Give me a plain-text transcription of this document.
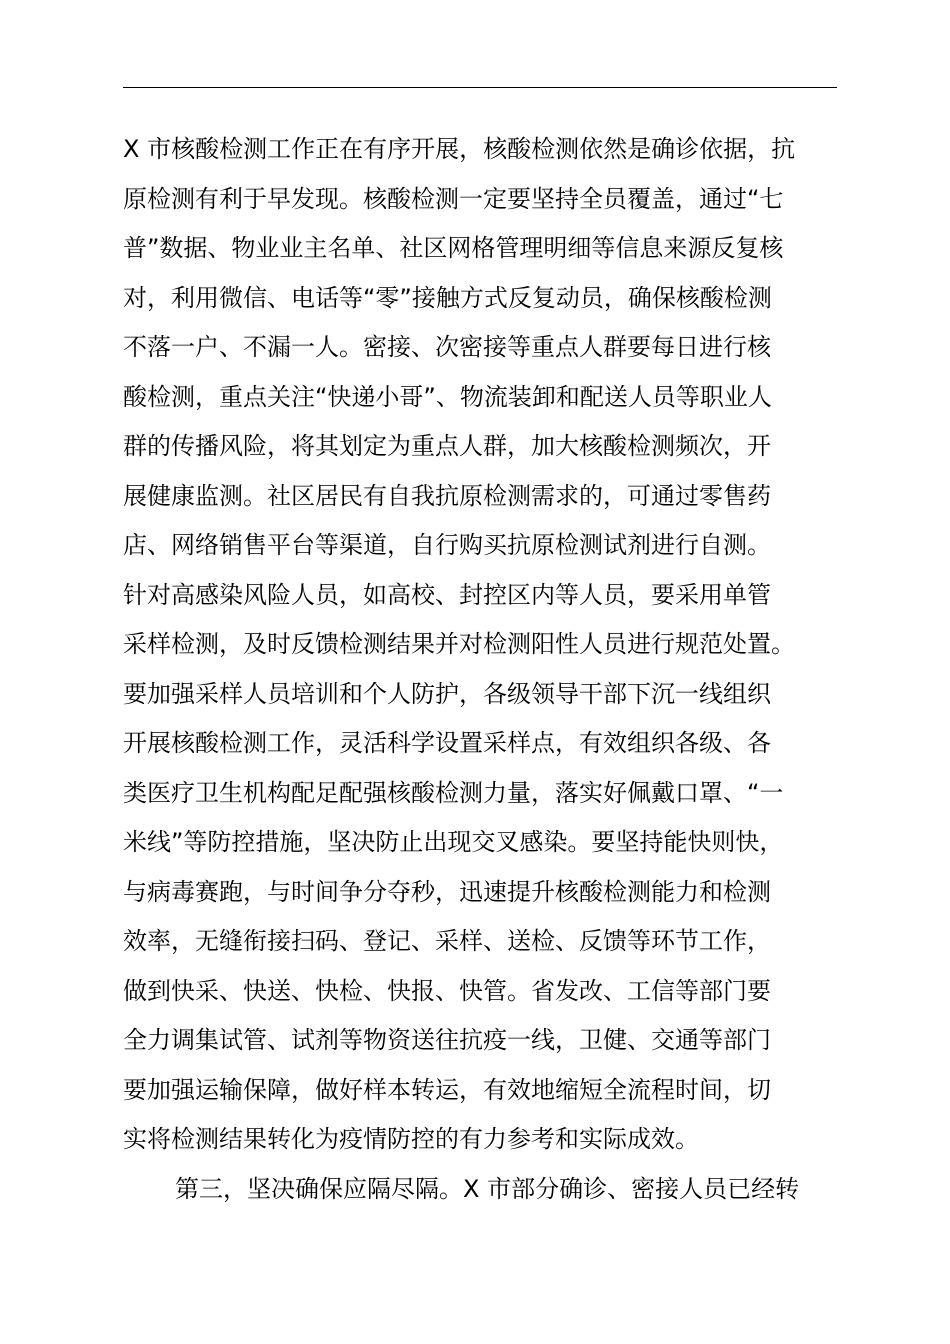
X 市核酸检测工作正在有序开展，核酸检测依然是确诊依据，抗
原检测有利于早发现。核酸检测一定要坚持全员覆盖，通过“七
普”数据、物业业主名单、社区网格管理明细等信息来源反复核
对，利用微信、电话等“零”接触方式反复动员，确保核酸检测
不落一户、不漏一人。密接、次密接等重点人群要每日进行核
酸检测，重点关注“快递小哥”、物流装卸和配送人员等职业人
群的传播风险，将其划定为重点人群，加大核酸检测频次，开
展健康监测。社区居民有自我抗原检测需求的，可通过零售药
店、网络销售平台等渠道，自行购买抗原检测试剂进行自测。
针对高感染风险人员，如高校、封控区内等人员，要采用单管
采样检测，及时反馈检测结果并对检测阳性人员进行规范处置。
要加强采样人员培训和个人防护，各级领导干部下沉一线组织
开展核酸检测工作，灵活科学设置采样点，有效组织各级、各
类医疗卫生机构配足配强核酸检测力量，落实好佩戴口罩、“一
米线”等防控措施，坚决防止出现交叉感染。要坚持能快则快，
与病毒赛跑，与时间争分夺秒，迅速提升核酸检测能力和检测
效率，无缝衔接扫码、登记、采样、送检、反馈等环节工作，
做到快采、快送、快检、快报、快管。省发改、工信等部门要
全力调集试管、试剂等物资送往抗疫一线，卫健、交通等部门
要加强运输保障，做好样本转运，有效地缩短全流程时间，切
实将检测结果转化为疫情防控的有力参考和实际成效。
第三，坚决确保应隔尽隔。X 市部分确诊、密接人员已经转
